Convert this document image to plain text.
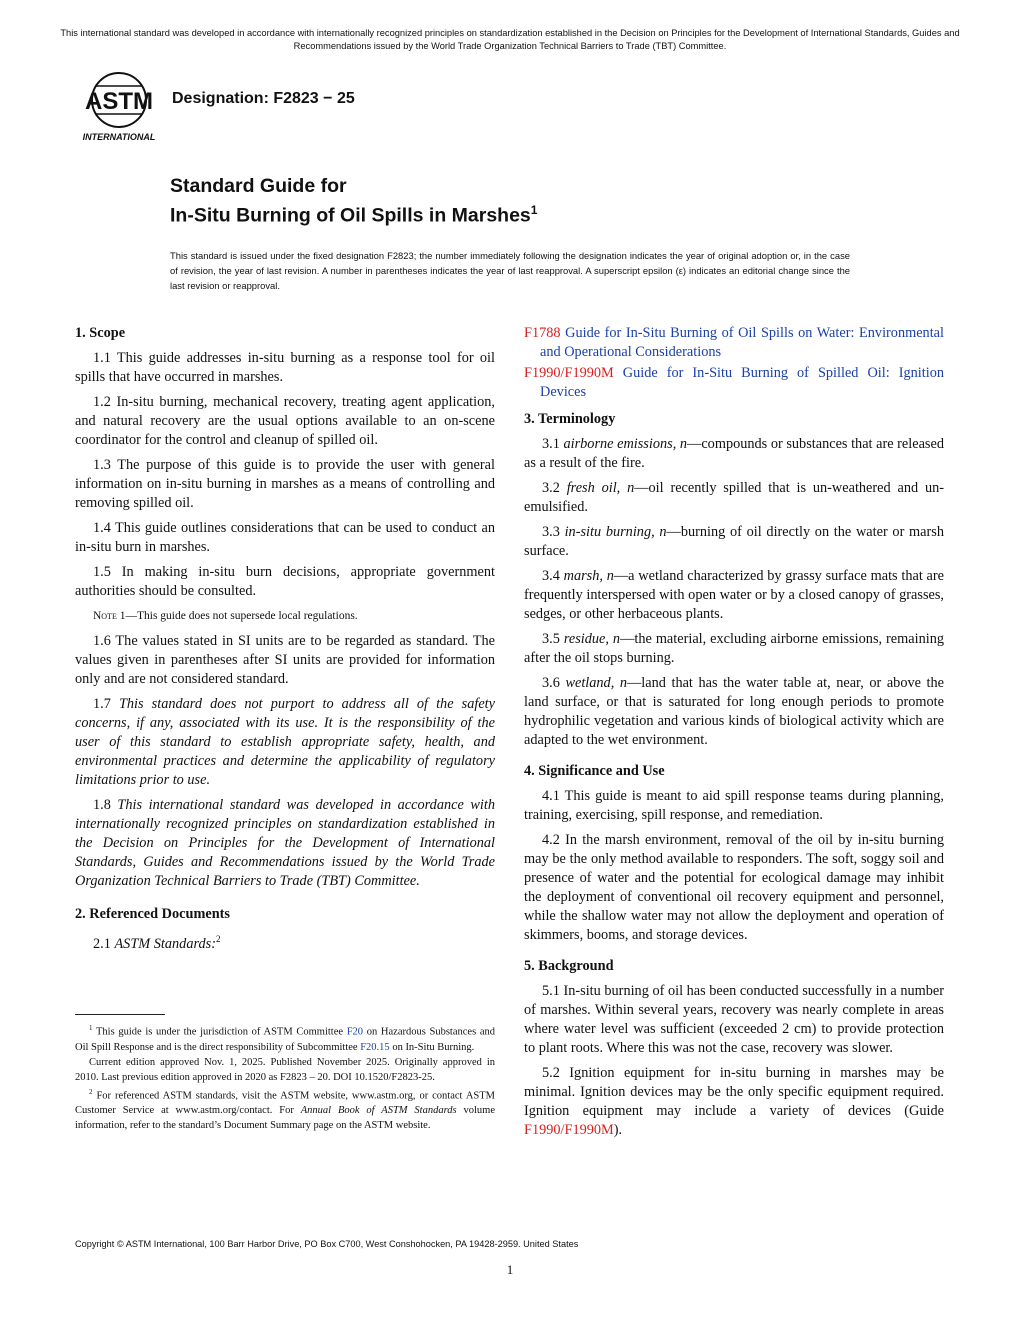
This international standard was developed in accordance with internationally recognized principles on standardization established in the Decision on Principles for the Development of International Standards, Guides and Recommendations issued by the World Trade Organization Technical Barriers to Trade (TBT) Committee.
ASTM
INTERNATIONAL
Designation: F2823 − 25
Standard Guide for
In-Situ Burning of Oil Spills in Marshes$^1$
This standard is issued under the fixed designation F2823; the number immediately following the designation indicates the year of original adoption or, in the case of revision, the year of last revision. A number in parentheses indicates the year of last reapproval. A superscript epsilon (ε) indicates an editorial change since the last revision or reapproval.
1. Scope

1.1 This guide addresses in-situ burning as a response tool for oil spills that have occurred in marshes.

1.2 In-situ burning, mechanical recovery, treating agent application, and natural recovery are the usual options available to an on-scene coordinator for the control and cleanup of spilled oil.

1.3 The purpose of this guide is to provide the user with general information on in-situ burning in marshes as a means of controlling and removing spilled oil.

1.4 This guide outlines considerations that can be used to conduct an in-situ burn in marshes.

1.5 In making in-situ burn decisions, appropriate government authorities should be consulted.

Note 1—This guide does not supersede local regulations.

1.6 The values stated in SI units are to be regarded as standard. The values given in parentheses after SI units are provided for information only and are not considered standard.

1.7 This standard does not purport to address all of the safety concerns, if any, associated with its use. It is the responsibility of the user of this standard to establish appropriate safety, health, and environmental practices and determine the applicability of regulatory limitations prior to use.

1.8 This international standard was developed in accordance with internationally recognized principles on standardization established in the Decision on Principles for the Development of International Standards, Guides and Recommendations issued by the World Trade Organization Technical Barriers to Trade (TBT) Committee.

2. Referenced Documents

2.1 ASTM Standards:$^2$

$^1$ This guide is under the jurisdiction of ASTM Committee F20 on Hazardous Substances and Oil Spill Response and is the direct responsibility of Subcommittee F20.15 on In-Situ Burning.

Current edition approved Nov. 1, 2025. Published November 2025. Originally approved in 2010. Last previous edition approved in 2020 as F2823 – 20. DOI 10.1520/F2823-25.

$^2$ For referenced ASTM standards, visit the ASTM website, www.astm.org, or contact ASTM Customer Service at www.astm.org/contact. For Annual Book of ASTM Standards volume information, refer to the standard’s Document Summary page on the ASTM website.

F1788 Guide for In-Situ Burning of Oil Spills on Water: Environmental and Operational Considerations

F1990/F1990M Guide for In-Situ Burning of Spilled Oil: Ignition Devices

3. Terminology

3.1 airborne emissions, n—compounds or substances that are released as a result of the fire.

3.2 fresh oil, n—oil recently spilled that is un-weathered and un-emulsified.

3.3 in-situ burning, n—burning of oil directly on the water or marsh surface.

3.4 marsh, n—a wetland characterized by grassy surface mats that are frequently interspersed with open water or by a closed canopy of grasses, sedges, or other herbaceous plants.

3.5 residue, n—the material, excluding airborne emissions, remaining after the oil stops burning.

3.6 wetland, n—land that has the water table at, near, or above the land surface, or that is saturated for long enough periods to promote hydrophilic vegetation and various kinds of biological activity which are adapted to the wet environment.

4. Significance and Use

4.1 This guide is meant to aid spill response teams during planning, training, exercising, spill response, and remediation.

4.2 In the marsh environment, removal of the oil by in-situ burning may be the only method available to responders. The soft, soggy soil and presence of water and the potential for ecological damage may inhibit the deployment of conventional oil recovery equipment and personnel, while the shallow water may not allow the deployment and operation of skimmers, booms, and storage devices.

5. Background

5.1 In-situ burning of oil has been conducted successfully in a number of marshes. Within several years, recovery was nearly complete in areas where water level was sufficient (exceeded 2 cm) to provide protection to plant roots. Where this was not the case, recovery was slower.

5.2 Ignition equipment for in-situ burning in marshes may be minimal. Ignition devices may be the only specific equipment required. Ignition equipment may include a variety of devices (Guide F1990/F1990M).

Copyright © ASTM International, 100 Barr Harbor Drive, PO Box C700, West Conshohocken, PA 19428-2959. United States
1
